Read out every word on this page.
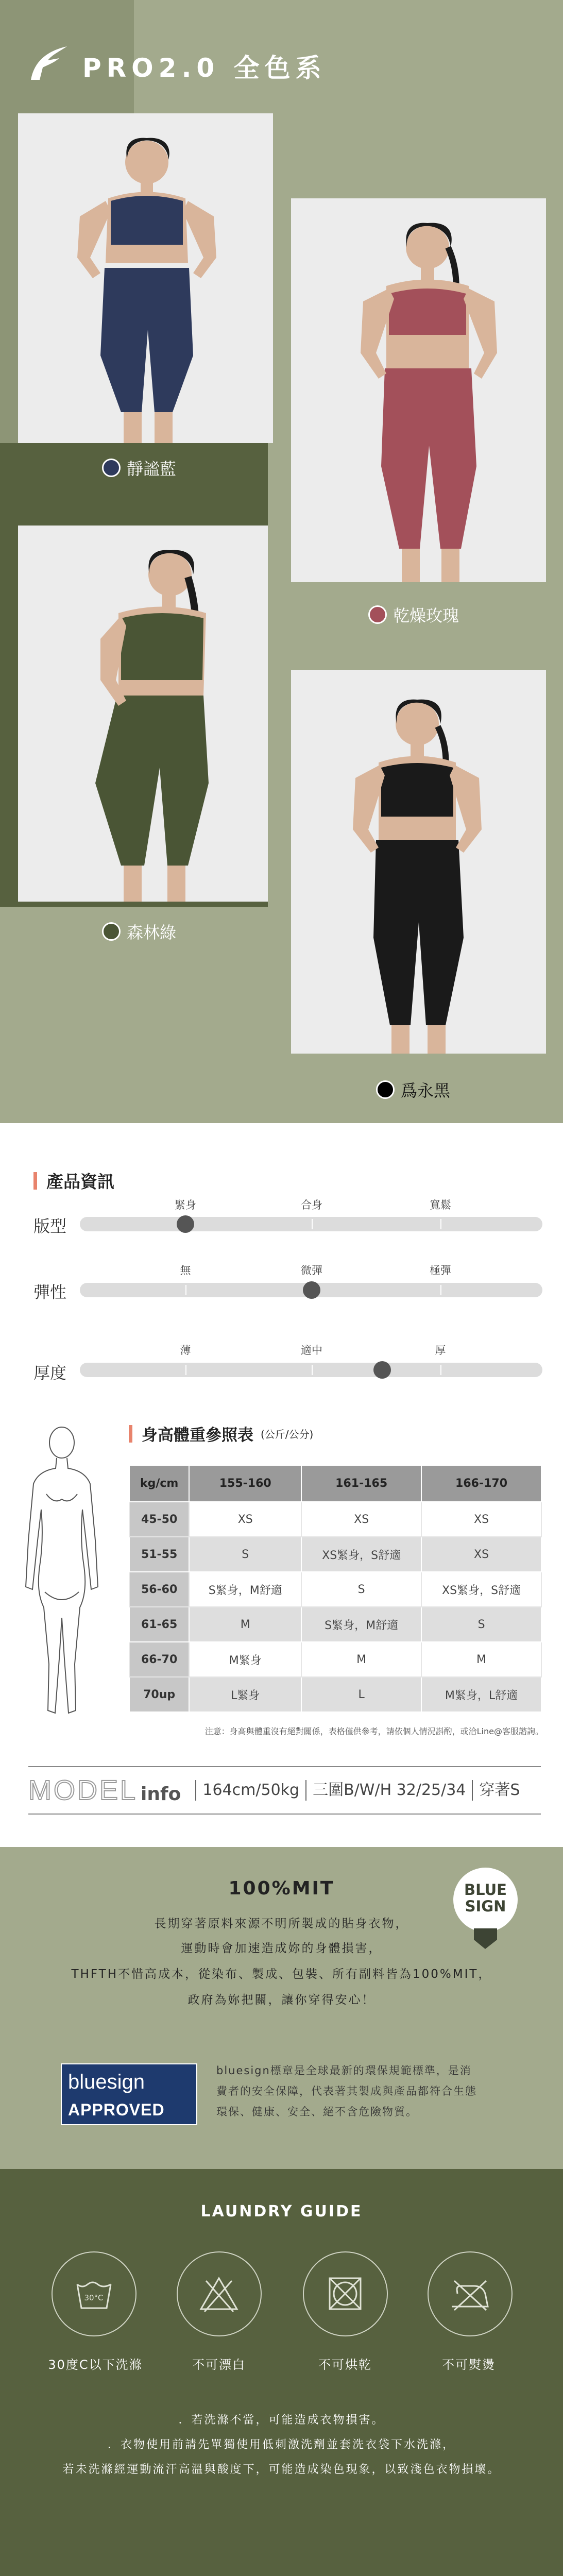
PRO2.0 全色系
靜謐藍
乾燥玫瑰
森林綠
爲永黑
產品資訊
緊身	合身	寬鬆
版型
無	微彈	極彈
彈性
薄	適中	厚
厚度
身高體重參照表 (公斤/公分)
kg/cm	155-160	161-165	166-170
45-50	XS	XS	XS
51-55	S	XS緊身，S舒適	XS
56-60	S緊身，M舒適	S	XS緊身，S舒適
61-65	M	S緊身，M舒適	S
66-70	M緊身	M	M
70up	L緊身	L	M緊身，L舒適
注意：身高與體重沒有絕對關係，表格僅供參考，請依個人情況斟酌，或洽Line@客服諮詢。
MODEL info	164cm/50kg 三圍B/W/H 32/25/34 穿著S
100%MIT
長期穿著原料來源不明所製成的貼身衣物，
運動時會加速造成妳的身體損害，
THFTH不惜高成本，從染布、製成、包裝、所有副料皆為100%MIT，
政府為妳把關，讓你穿得安心！
BLUE
SIGN
bluesign
APPROVED
bluesign標章是全球最新的環保規範標準，是消
費者的安全保障，代表著其製成與產品都符合生態
環保、健康、安全、絕不含危險物質。
LAUNDRY GUIDE
30°C
30度C以下洗滌	不可漂白	不可烘乾	不可熨燙
．若洗滌不當，可能造成衣物損害。
．衣物使用前請先單獨使用低刺激洗劑並套洗衣袋下水洗滌，
若未洗滌經運動流汗高溫與酸度下，可能造成染色現象，以致淺色衣物損壞。
